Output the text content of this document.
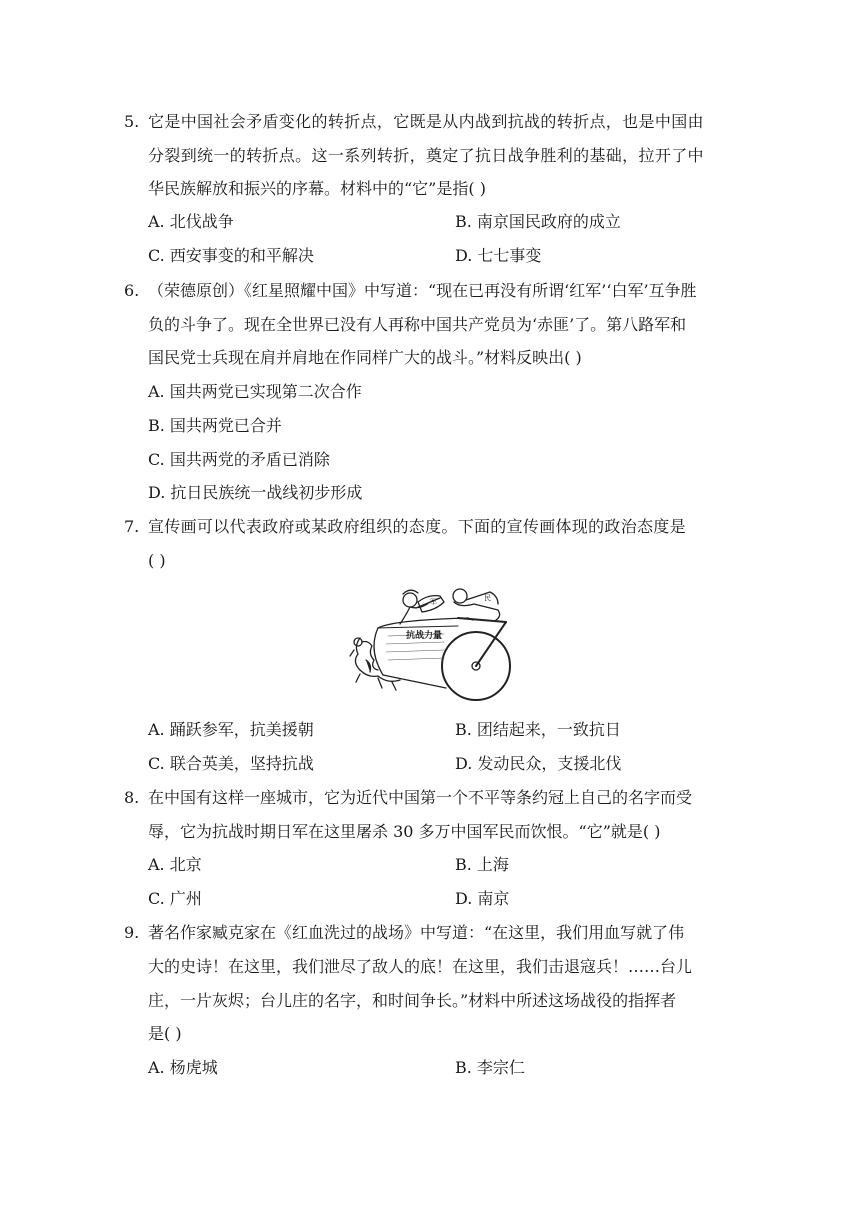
5. 它是中国社会矛盾变化的转折点，它既是从内战到抗战的转折点，也是中国由
分裂到统一的转折点。这一系列转折，奠定了抗日战争胜利的基础，拉开了中
华民族解放和振兴的序幕。材料中的“它”是指( )
A. 北伐战争	B. 南京国民政府的成立
C. 西安事变的和平解决	D. 七七事变
6. （荣德原创）《红星照耀中国》中写道：“现在已再没有所谓‘红军’‘白军’互争胜
负的斗争了。现在全世界已没有人再称中国共产党员为‘赤匪’了。第八路军和
国民党士兵现在肩并肩地在作同样广大的战斗。”材料反映出( )
A. 国共两党已实现第二次合作
B. 国共两党已合并
C. 国共两党的矛盾已消除
D. 抗日民族统一战线初步形成
7. 宣传画可以代表政府或某政府组织的态度。下面的宣传画体现的政治态度是
( )
抗战力量
军	民
A. 踊跃参军，抗美援朝	B. 团结起来，一致抗日
C. 联合英美，坚持抗战	D. 发动民众，支援北伐
8. 在中国有这样一座城市，它为近代中国第一个不平等条约冠上自己的名字而受
辱，它为抗战时期日军在这里屠杀 30 多万中国军民而饮恨。“它”就是( )
A. 北京	B. 上海
C. 广州	D. 南京
9. 著名作家臧克家在《红血洗过的战场》中写道：“在这里，我们用血写就了伟
大的史诗！在这里，我们泄尽了敌人的底！在这里，我们击退寇兵！……台儿
庄，一片灰烬；台儿庄的名字，和时间争长。”材料中所述这场战役的指挥者
是( )
A. 杨虎城	B. 李宗仁
